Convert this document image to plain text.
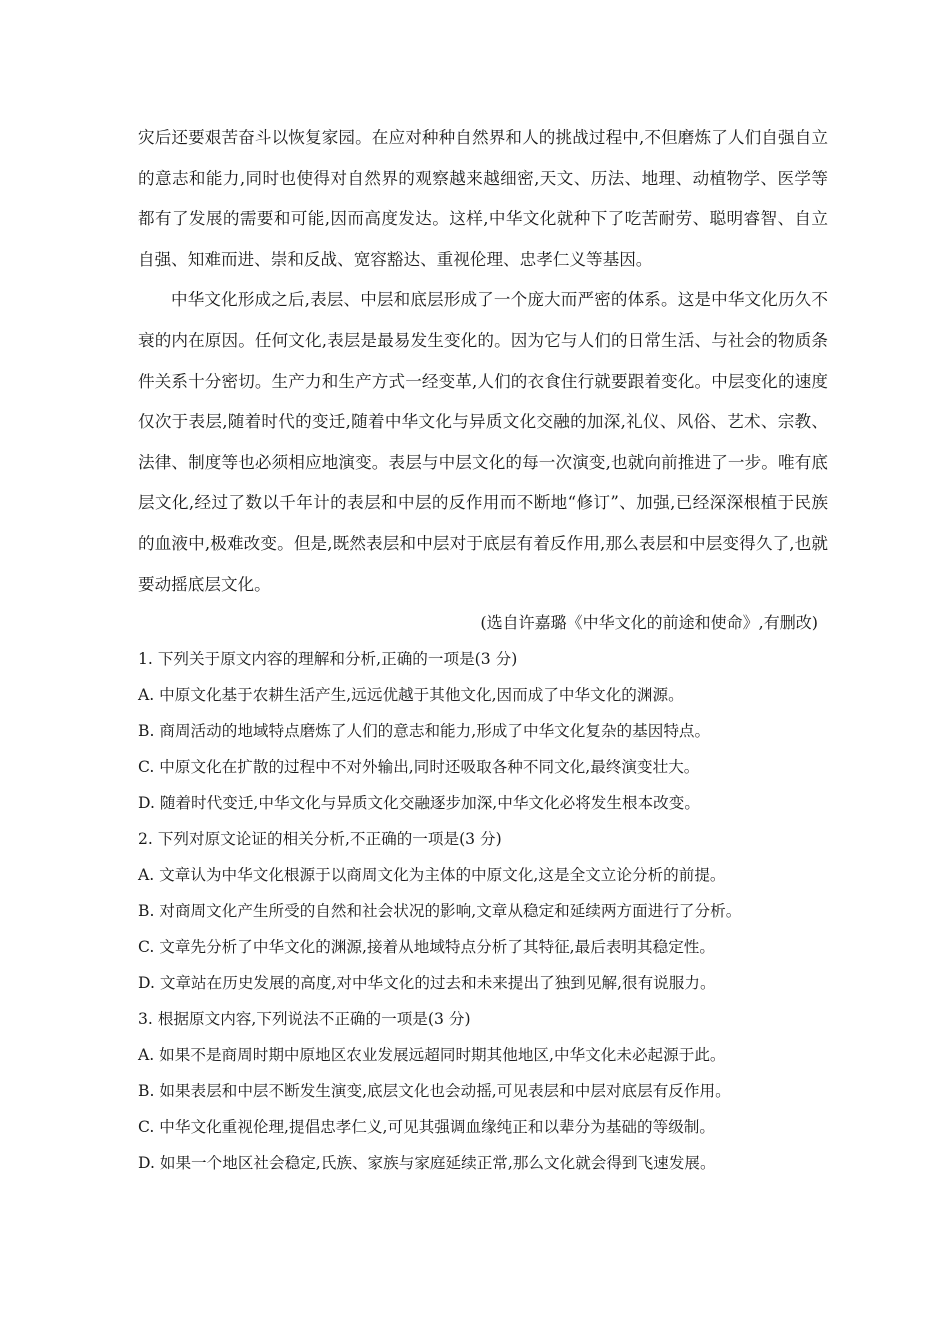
灾后还要艰苦奋斗以恢复家园。在应对种种自然界和人的挑战过程中,不但磨炼了人们自强自立的意志和能力,同时也使得对自然界的观察越来越细密,天文、历法、地理、动植物学、医学等都有了发展的需要和可能,因而高度发达。这样,中华文化就种下了吃苦耐劳、聪明睿智、自立自强、知难而进、崇和反战、宽容豁达、重视伦理、忠孝仁义等基因。

中华文化形成之后,表层、中层和底层形成了一个庞大而严密的体系。这是中华文化历久不衰的内在原因。任何文化,表层是最易发生变化的。因为它与人们的日常生活、与社会的物质条件关系十分密切。生产力和生产方式一经变革,人们的衣食住行就要跟着变化。中层变化的速度仅次于表层,随着时代的变迁,随着中华文化与异质文化交融的加深,礼仪、风俗、艺术、宗教、法律、制度等也必须相应地演变。表层与中层文化的每一次演变,也就向前推进了一步。唯有底层文化,经过了数以千年计的表层和中层的反作用而不断地“修订”、加强,已经深深根植于民族的血液中,极难改变。但是,既然表层和中层对于底层有着反作用,那么表层和中层变得久了,也就要动摇底层文化。

(选自许嘉璐《中华文化的前途和使命》,有删改)

1. 下列关于原文内容的理解和分析,正确的一项是(3 分)

A. 中原文化基于农耕生活产生,远远优越于其他文化,因而成了中华文化的渊源。

B. 商周活动的地域特点磨炼了人们的意志和能力,形成了中华文化复杂的基因特点。

C. 中原文化在扩散的过程中不对外输出,同时还吸取各种不同文化,最终演变壮大。

D. 随着时代变迁,中华文化与异质文化交融逐步加深,中华文化必将发生根本改变。

2. 下列对原文论证的相关分析,不正确的一项是(3 分)

A. 文章认为中华文化根源于以商周文化为主体的中原文化,这是全文立论分析的前提。

B. 对商周文化产生所受的自然和社会状况的影响,文章从稳定和延续两方面进行了分析。

C. 文章先分析了中华文化的渊源,接着从地域特点分析了其特征,最后表明其稳定性。

D. 文章站在历史发展的高度,对中华文化的过去和未来提出了独到见解,很有说服力。

3. 根据原文内容,下列说法不正确的一项是(3 分)

A. 如果不是商周时期中原地区农业发展远超同时期其他地区,中华文化未必起源于此。

B. 如果表层和中层不断发生演变,底层文化也会动摇,可见表层和中层对底层有反作用。

C. 中华文化重视伦理,提倡忠孝仁义,可见其强调血缘纯正和以辈分为基础的等级制。

D. 如果一个地区社会稳定,氏族、家族与家庭延续正常,那么文化就会得到飞速发展。
